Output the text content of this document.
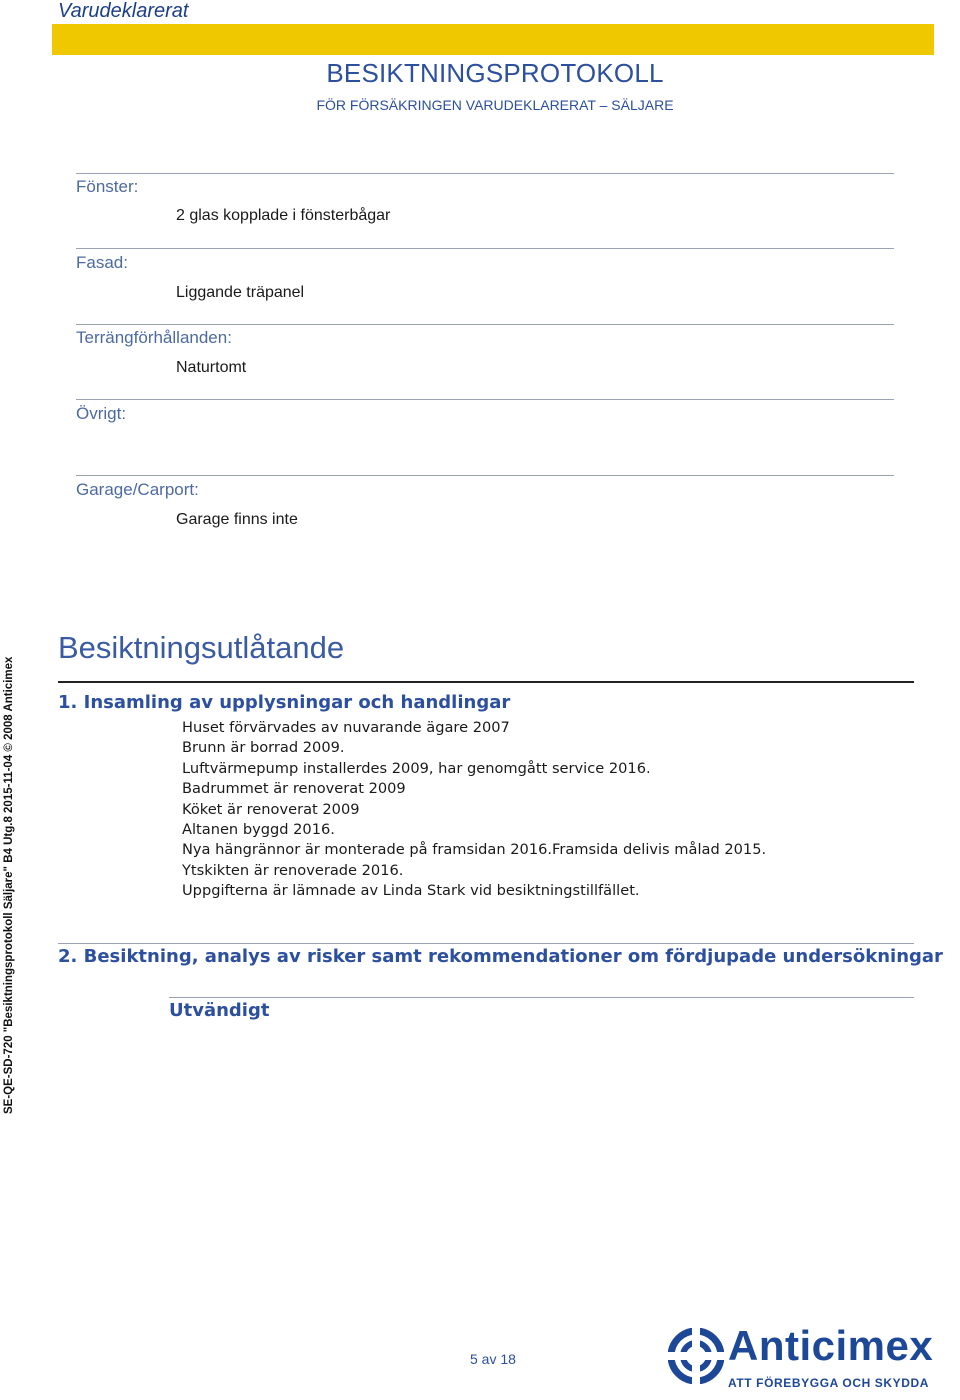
Varudeklarerat
BESIKTNINGSPROTOKOLL
FÖR FÖRSÄKRINGEN VARUDEKLARERAT – SÄLJARE
Fönster:
2 glas kopplade i fönsterbågar
Fasad:
Liggande träpanel
Terrängförhållanden:
Naturtomt
Övrigt:
Garage/Carport:
Garage finns inte
Besiktningsutlåtande
1. Insamling av upplysningar och handlingar
Huset förvärvades av nuvarande ägare 2007
Brunn är borrad 2009.
Luftvärmepump installerdes 2009, har genomgått service 2016.
Badrummet är renoverat 2009
Köket är renoverat 2009
Altanen byggd 2016.
Nya hängrännor är monterade på framsidan 2016.Framsida delivis målad 2015.
Ytskikten är renoverade 2016.
Uppgifterna är lämnade av Linda Stark vid besiktningstillfället.
2. Besiktning, analys av risker samt rekommendationer om fördjupade undersökningar
Utvändigt
SE-QE-SD-720 "Besiktningsprotokoll Säljare" B4 Utg.8 2015-11-04 © 2008 Anticimex
5 av 18	Anticimex
ATT FÖREBYGGA OCH SKYDDA
